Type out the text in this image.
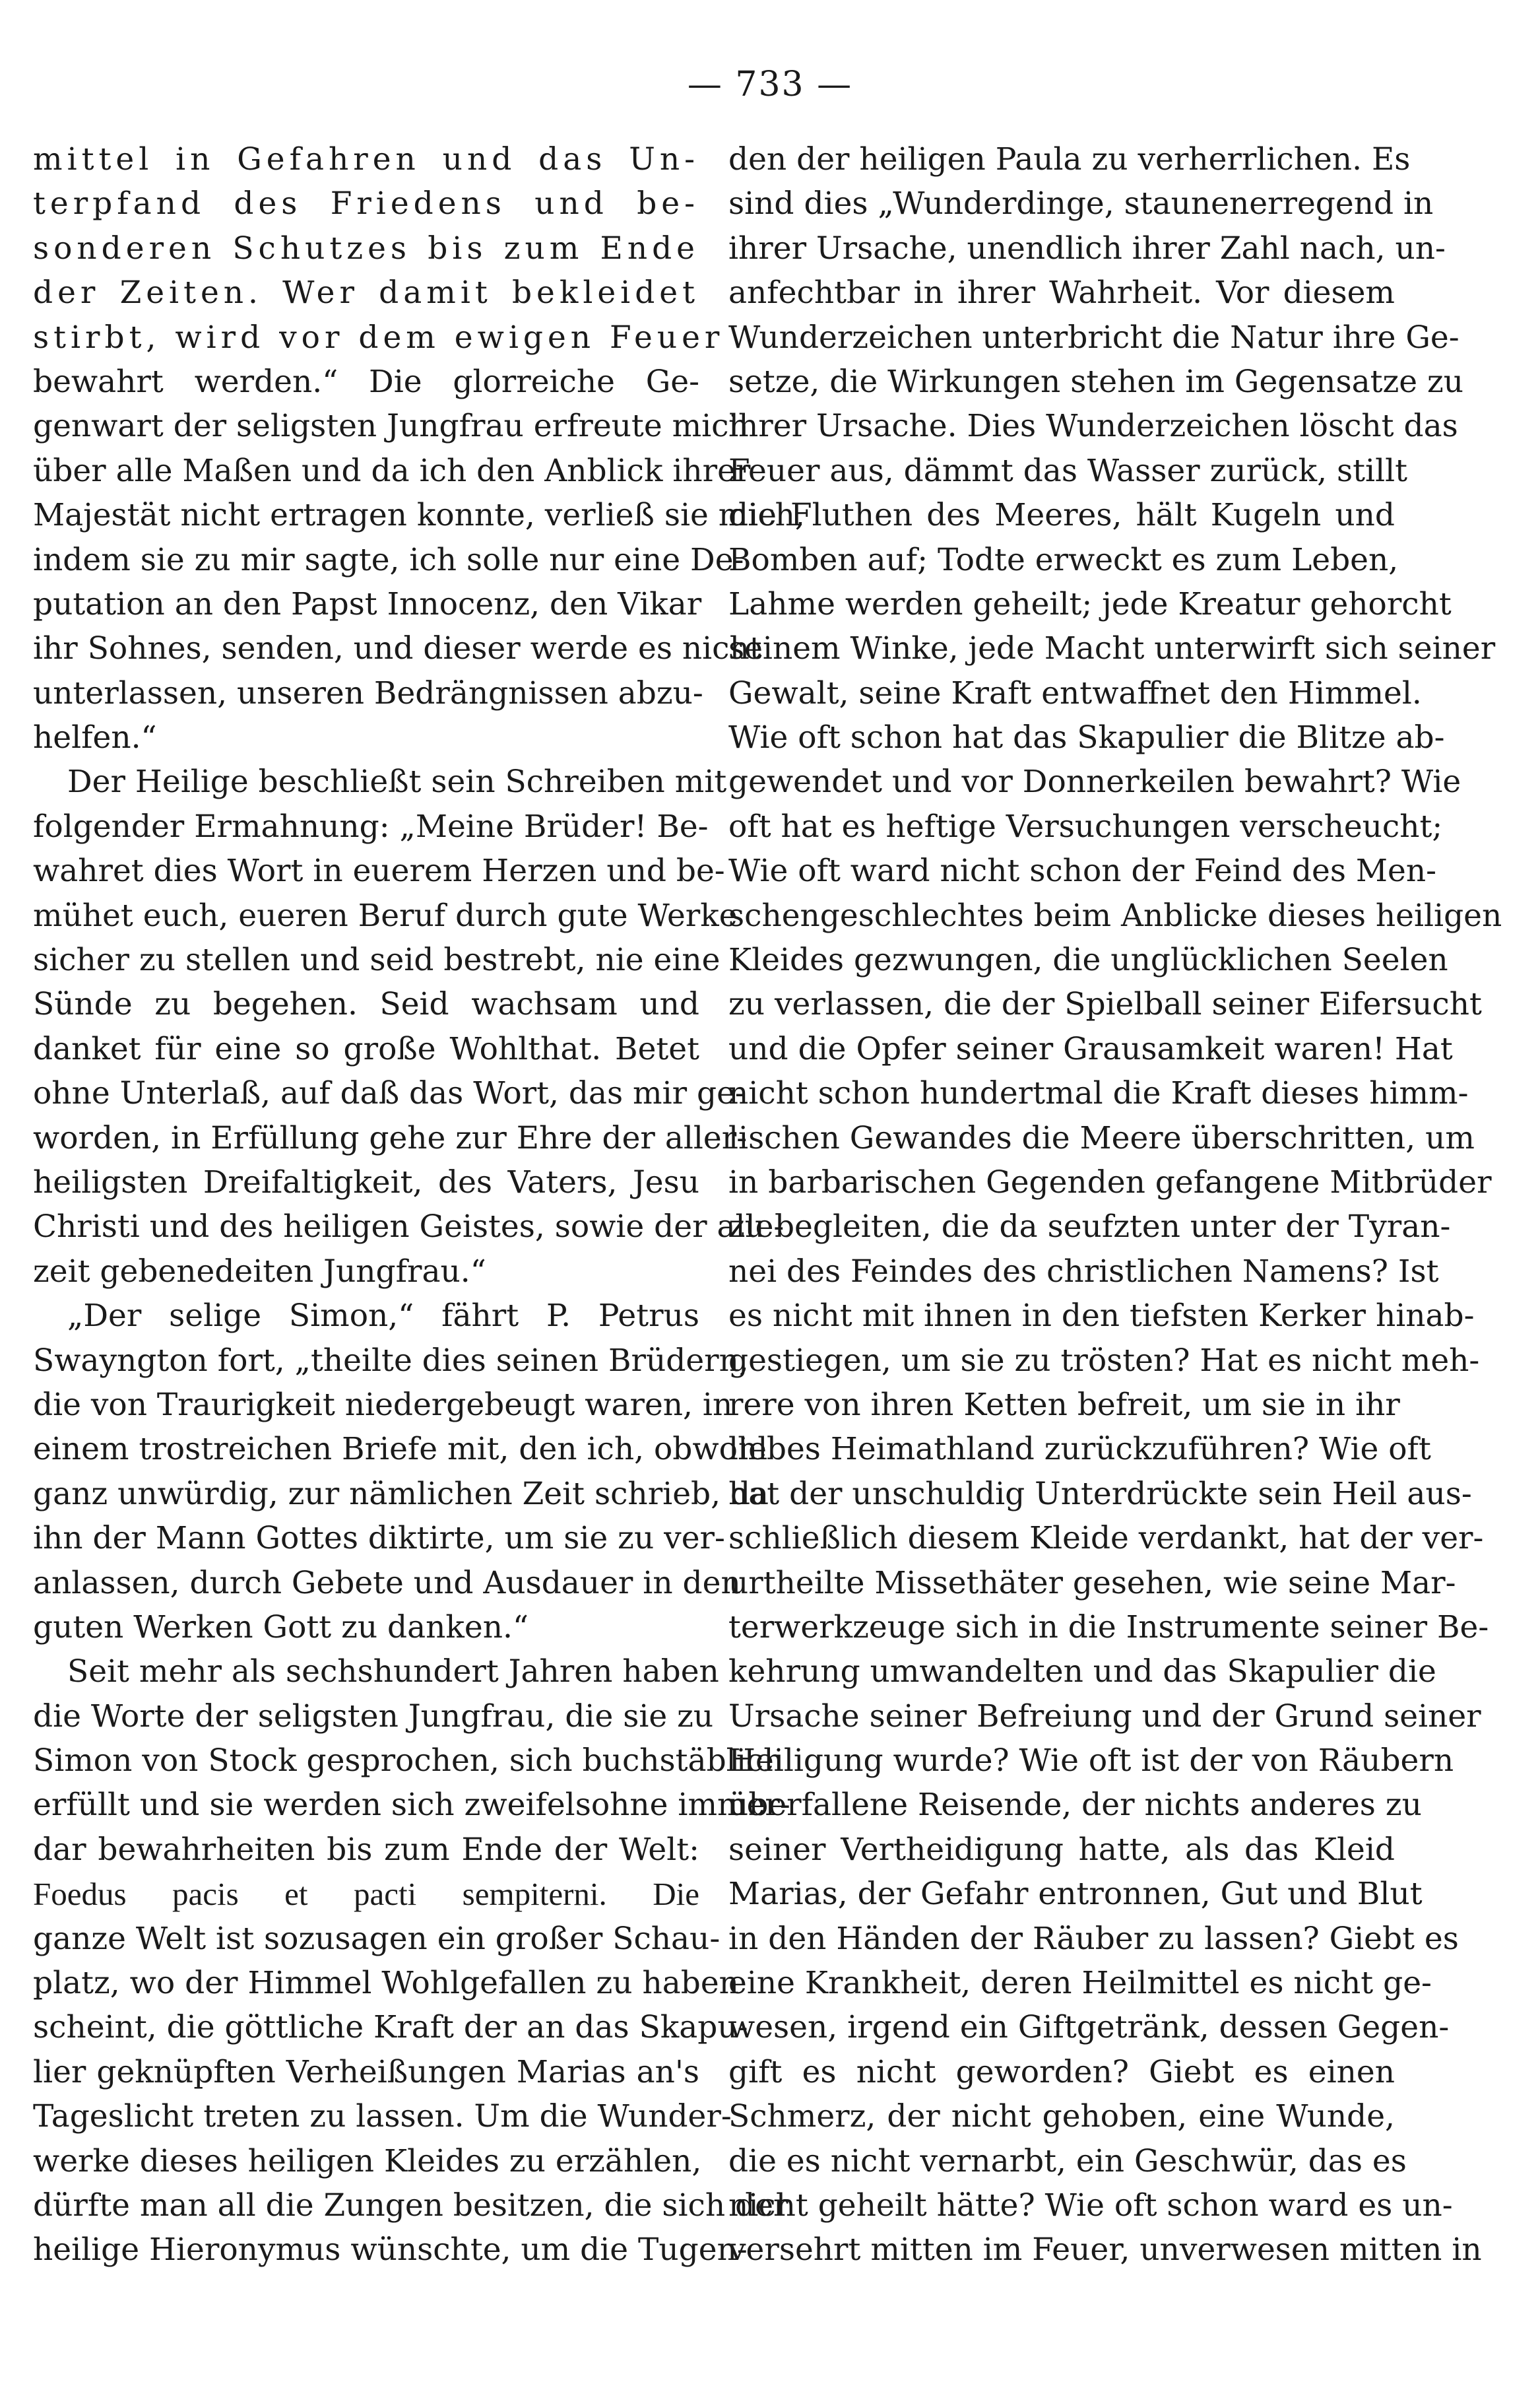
— 733 —
mittel in Gefahren und das Un-
terpfand des Friedens und be-
sonderen Schutzes bis zum Ende
der Zeiten. Wer damit bekleidet
stirbt, wird vor dem ewigen Feuer
bewahrt werden.“ Die glorreiche Ge-
genwart der seligsten Jungfrau erfreute mich
über alle Maßen und da ich den Anblick ihrer
Majestät nicht ertragen konnte, verließ sie mich,
indem sie zu mir sagte, ich solle nur eine De-
putation an den Papst Innocenz, den Vikar
ihr Sohnes, senden, und dieser werde es nicht
unterlassen, unseren Bedrängnissen abzu-
helfen.“
Der Heilige beschließt sein Schreiben mit
folgender Ermahnung: „Meine Brüder! Be-
wahret dies Wort in euerem Herzen und be-
mühet euch, eueren Beruf durch gute Werke
sicher zu stellen und seid bestrebt, nie eine
Sünde zu begehen. Seid wachsam und
danket für eine so große Wohlthat. Betet
ohne Unterlaß, auf daß das Wort, das mir ge-
worden, in Erfüllung gehe zur Ehre der aller-
heiligsten Dreifaltigkeit, des Vaters, Jesu
Christi und des heiligen Geistes, sowie der alle-
zeit gebenedeiten Jungfrau.“
„Der selige Simon,“ fährt P. Petrus
Swayngton fort, „theilte dies seinen Brüdern,
die von Traurigkeit niedergebeugt waren, in
einem trostreichen Briefe mit, den ich, obwohl
ganz unwürdig, zur nämlichen Zeit schrieb, da
ihn der Mann Gottes diktirte, um sie zu ver-
anlassen, durch Gebete und Ausdauer in den
guten Werken Gott zu danken.“
Seit mehr als sechshundert Jahren haben
die Worte der seligsten Jungfrau, die sie zu
Simon von Stock gesprochen, sich buchstäblich
erfüllt und sie werden sich zweifelsohne immer-
dar bewahrheiten bis zum Ende der Welt:
Foedus pacis et pacti sempiterni. Die
ganze Welt ist sozusagen ein großer Schau-
platz, wo der Himmel Wohlgefallen zu haben
scheint, die göttliche Kraft der an das Skapu-
lier geknüpften Verheißungen Marias an's
Tageslicht treten zu lassen. Um die Wunder-
werke dieses heiligen Kleides zu erzählen,
dürfte man all die Zungen besitzen, die sich der
heilige Hieronymus wünschte, um die Tugen-
den der heiligen Paula zu verherrlichen. Es
sind dies „Wunderdinge, staunenerregend in
ihrer Ursache, unendlich ihrer Zahl nach, un-
anfechtbar in ihrer Wahrheit. Vor diesem
Wunderzeichen unterbricht die Natur ihre Ge-
setze, die Wirkungen stehen im Gegensatze zu
ihrer Ursache. Dies Wunderzeichen löscht das
Feuer aus, dämmt das Wasser zurück, stillt
die Fluthen des Meeres, hält Kugeln und
Bomben auf; Todte erweckt es zum Leben,
Lahme werden geheilt; jede Kreatur gehorcht
seinem Winke, jede Macht unterwirft sich seiner
Gewalt, seine Kraft entwaffnet den Himmel.
Wie oft schon hat das Skapulier die Blitze ab-
gewendet und vor Donnerkeilen bewahrt? Wie
oft hat es heftige Versuchungen verscheucht;
Wie oft ward nicht schon der Feind des Men-
schengeschlechtes beim Anblicke dieses heiligen
Kleides gezwungen, die unglücklichen Seelen
zu verlassen, die der Spielball seiner Eifersucht
und die Opfer seiner Grausamkeit waren! Hat
nicht schon hundertmal die Kraft dieses himm-
lischen Gewandes die Meere überschritten, um
in barbarischen Gegenden gefangene Mitbrüder
zu begleiten, die da seufzten unter der Tyran-
nei des Feindes des christlichen Namens? Ist
es nicht mit ihnen in den tiefsten Kerker hinab-
gestiegen, um sie zu trösten? Hat es nicht meh-
rere von ihren Ketten befreit, um sie in ihr
liebes Heimathland zurückzuführen? Wie oft
hat der unschuldig Unterdrückte sein Heil aus-
schließlich diesem Kleide verdankt, hat der ver-
urtheilte Missethäter gesehen, wie seine Mar-
terwerkzeuge sich in die Instrumente seiner Be-
kehrung umwandelten und das Skapulier die
Ursache seiner Befreiung und der Grund seiner
Heiligung wurde? Wie oft ist der von Räubern
überfallene Reisende, der nichts anderes zu
seiner Vertheidigung hatte, als das Kleid
Marias, der Gefahr entronnen, Gut und Blut
in den Händen der Räuber zu lassen? Giebt es
eine Krankheit, deren Heilmittel es nicht ge-
wesen, irgend ein Giftgetränk, dessen Gegen-
gift es nicht geworden? Giebt es einen
Schmerz, der nicht gehoben, eine Wunde,
die es nicht vernarbt, ein Geschwür, das es
nicht geheilt hätte? Wie oft schon ward es un-
versehrt mitten im Feuer, unverwesen mitten in
